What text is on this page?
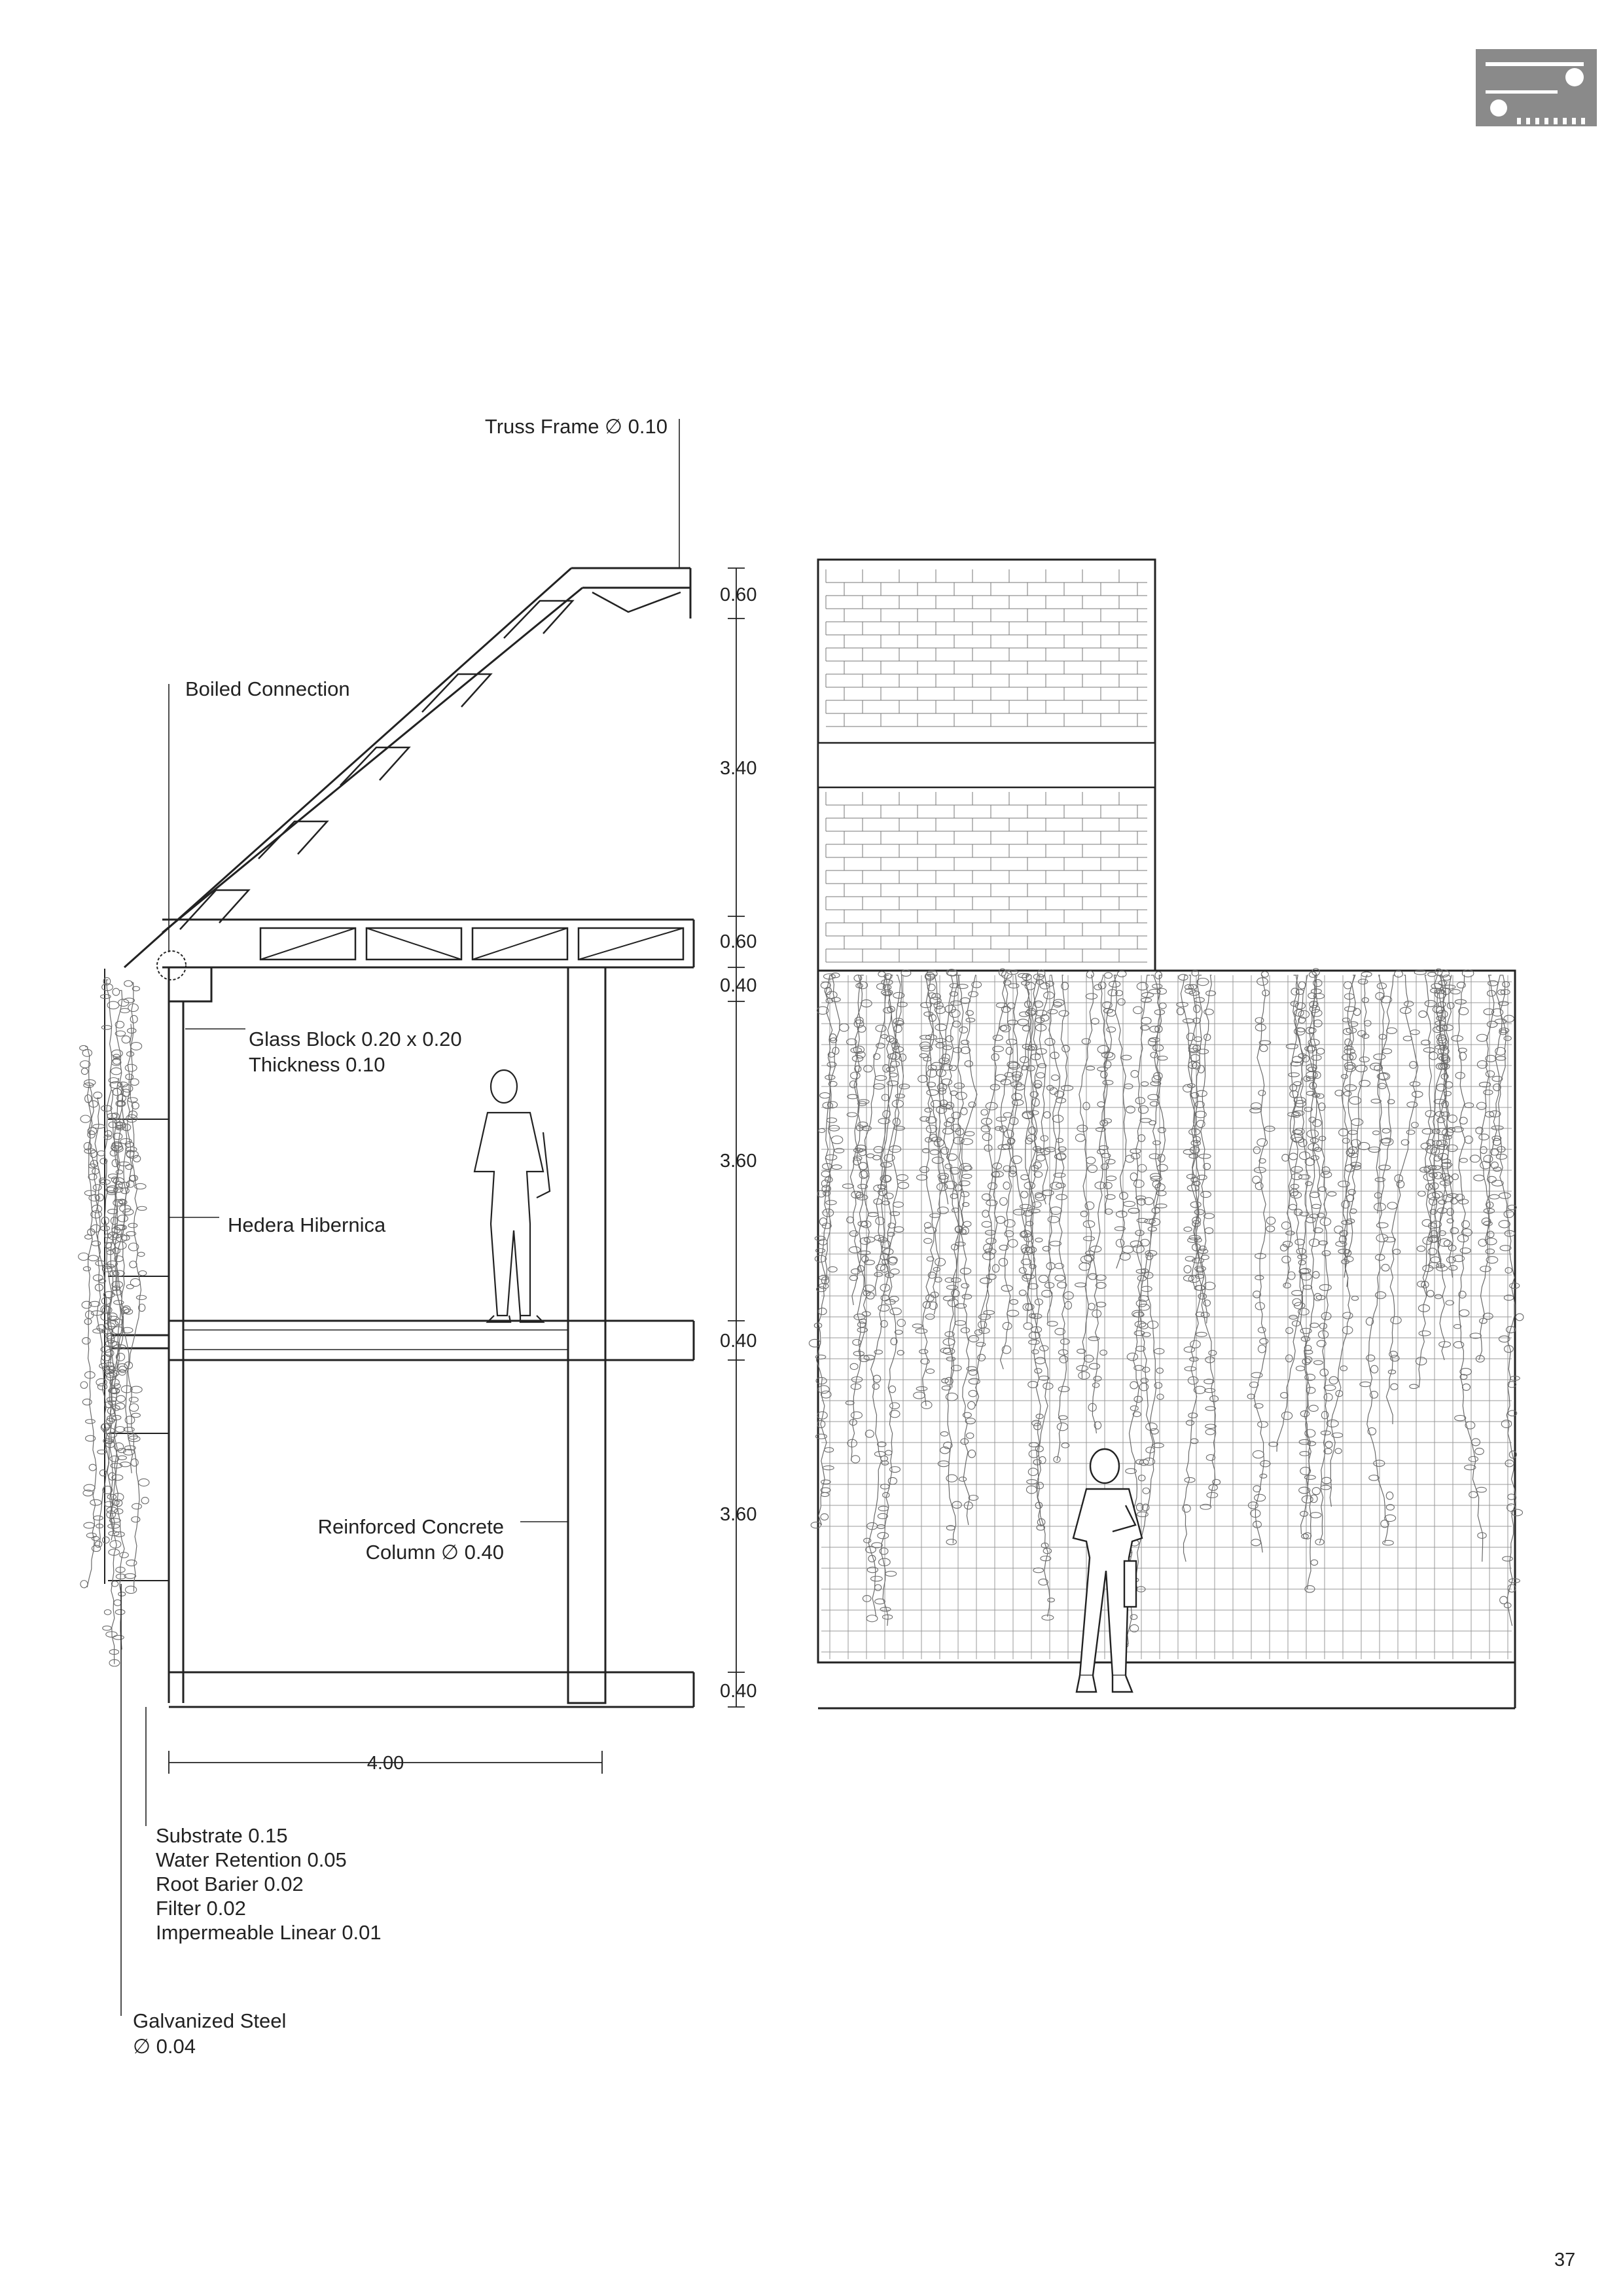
Truss Frame ∅ 0.10
Boiled Connection
Glass Block 0.20 x 0.20
Thickness 0.10
Hedera Hibernica
Reinforced Concrete
Column ∅ 0.40
Substrate 0.15
Water Retention 0.05
Root Barier 0.02
Filter 0.02
Impermeable Linear 0.01
Galvanized Steel
∅ 0.04
0.60
3.40
0.60
0.40
3.60
0.40
3.60
0.40
4.00
37
